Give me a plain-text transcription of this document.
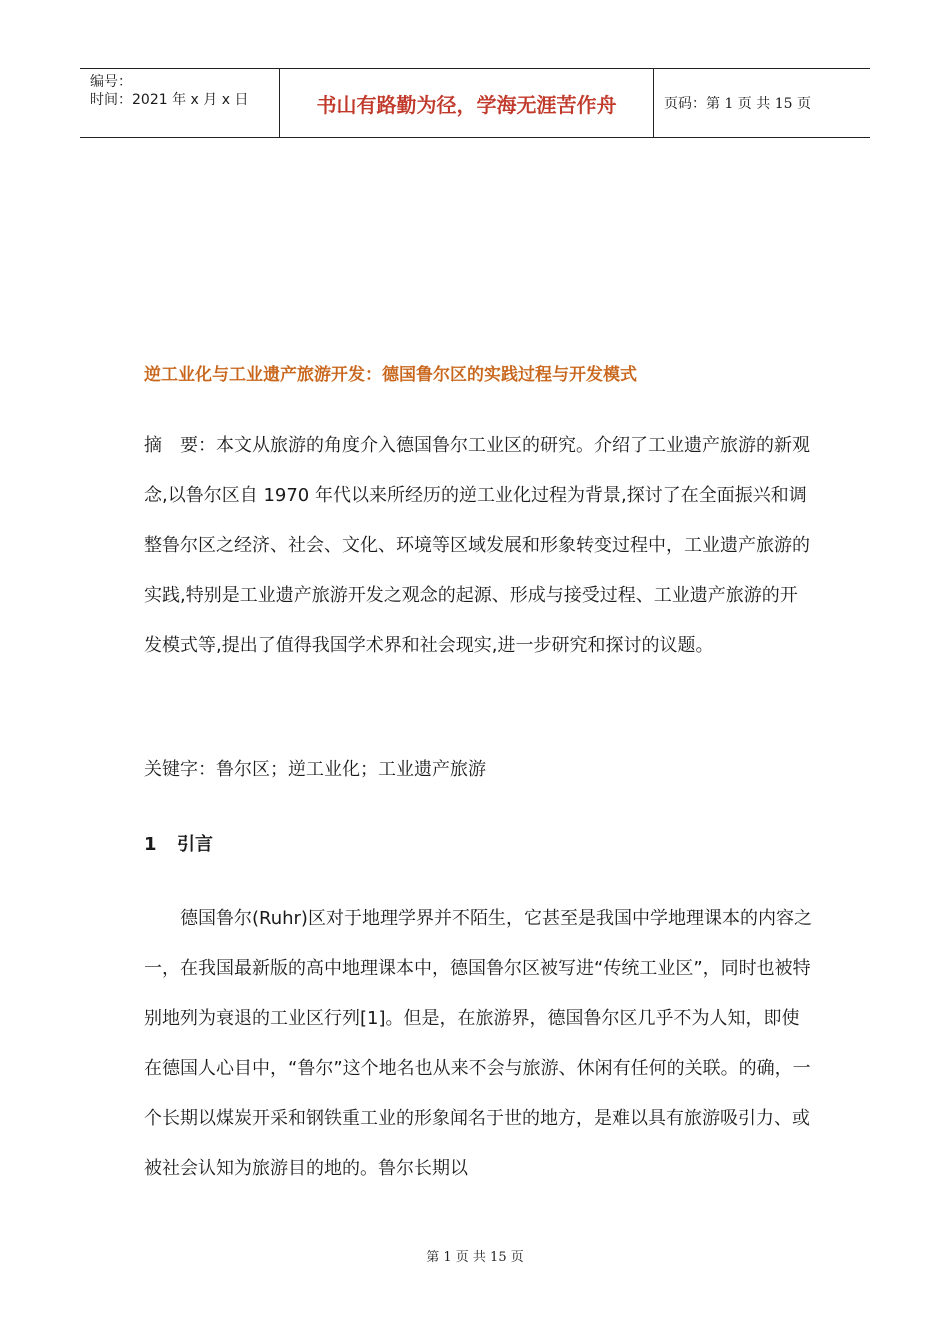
编号：
时间：2021 年 x 月 x 日	书山有路勤为径，学海无涯苦作舟	页码：第 1 页 共 15 页
逆工业化与工业遗产旅游开发：德国鲁尔区的实践过程与开发模式

摘　要：本文从旅游的角度介入德国鲁尔工业区的研究。介绍了工业遗产旅游的新观念,以鲁尔区自 1970 年代以来所经历的逆工业化过程为背景,探讨了在全面振兴和调整鲁尔区之经济、社会、文化、环境等区域发展和形象转变过程中，工业遗产旅游的实践,特别是工业遗产旅游开发之观念的起源、形成与接受过程、工业遗产旅游的开发模式等,提出了值得我国学术界和社会现实,进一步研究和探讨的议题。

关键字：鲁尔区；逆工业化；工业遗产旅游

1 引言

德国鲁尔(Ruhr)区对于地理学界并不陌生，它甚至是我国中学地理课本的内容之一，在我国最新版的高中地理课本中，德国鲁尔区被写进“传统工业区”，同时也被特别地列为衰退的工业区行列[1]。但是，在旅游界，德国鲁尔区几乎不为人知，即使在德国人心目中，“鲁尔”这个地名也从来不会与旅游、休闲有任何的关联。的确，一个长期以煤炭开采和钢铁重工业的形象闻名于世的地方，是难以具有旅游吸引力、或被社会认知为旅游目的地的。鲁尔长期以

第 1 页 共 15 页
